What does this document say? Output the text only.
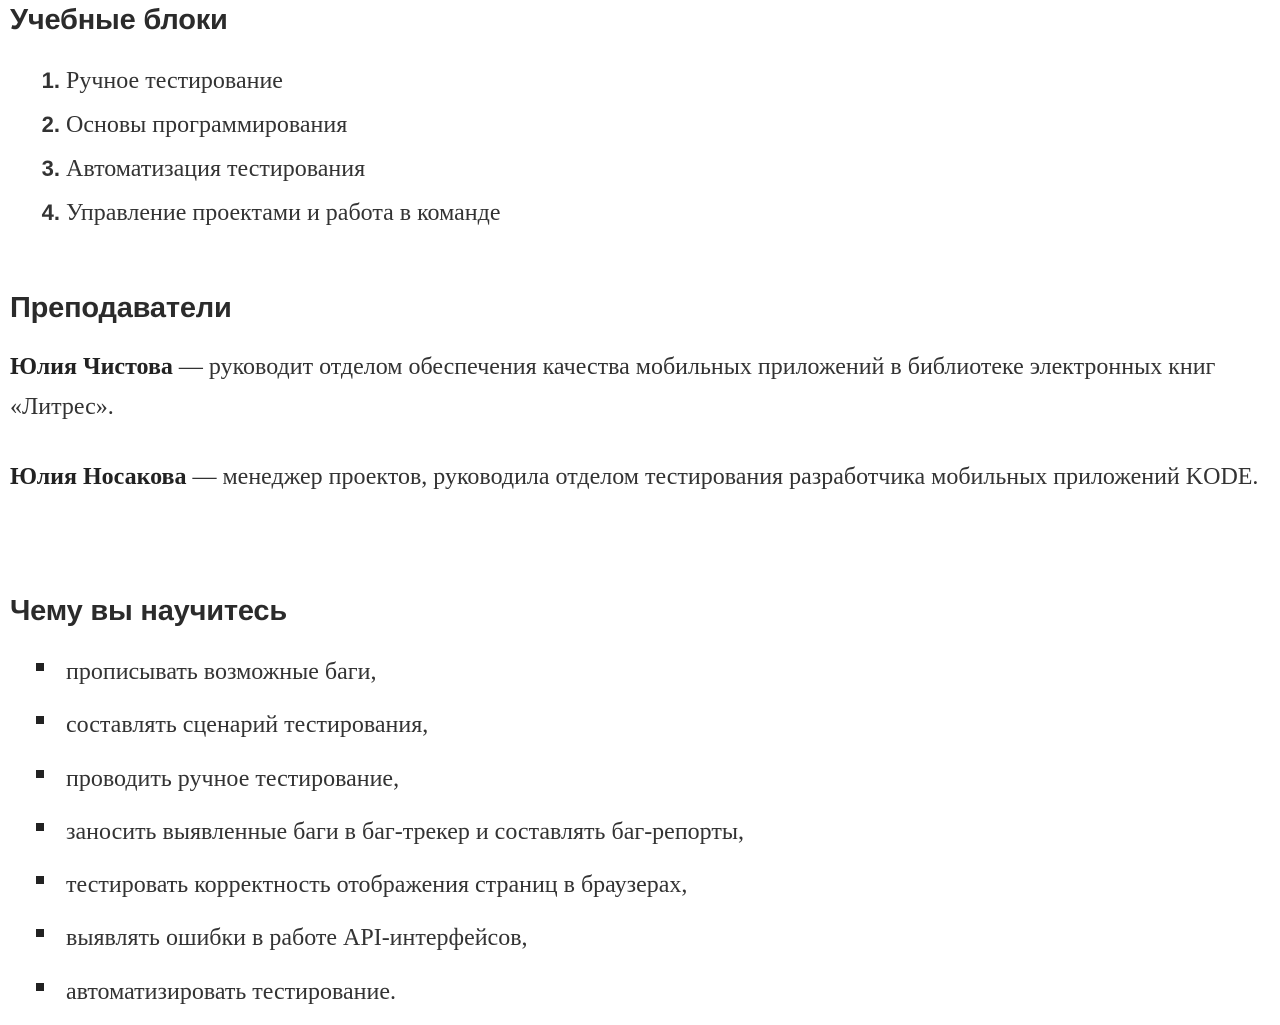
Учебные блоки
1. Ручное тестирование
2. Основы программирования
3. Автоматизация тестирования
4. Управление проектами и работа в команде
Преподаватели

Юлия Чистова — руководит отделом обеспечения качества мобильных приложений в библиотеке электронных книг «Литрес».

Юлия Носакова — менеджер проектов, руководила отделом тестирования разработчика мобильных приложений KODE.

Чему вы научитесь
прописывать возможные баги,
составлять сценарий тестирования,
проводить ручное тестирование,
заносить выявленные баги в баг-трекер и составлять баг-репорты,
тестировать корректность отображения страниц в браузерах,
выявлять ошибки в работе API-интерфейсов,
автоматизировать тестирование.
